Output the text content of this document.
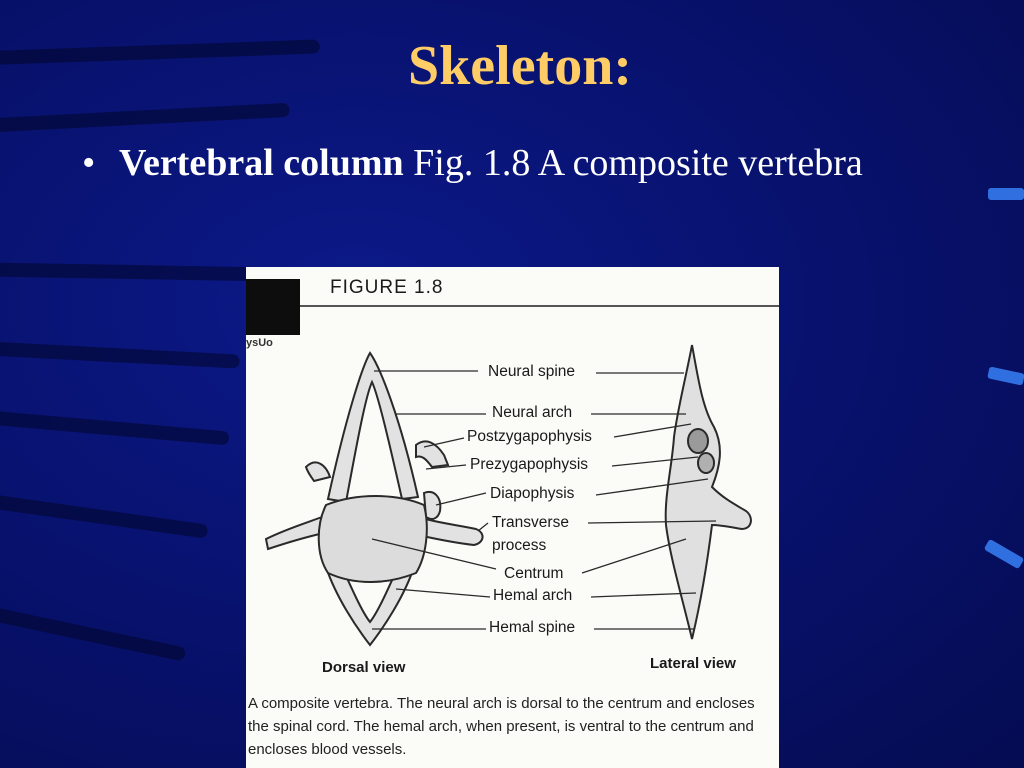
Skeleton:
• Vertebral column Fig. 1.8 A composite vertebra
FIGURE 1.8
ysUo
Neural spine
Neural arch
Postzygapophysis
Prezygapophysis
Diapophysis
Transverse
process
Centrum
Hemal arch
Hemal spine
Dorsal view	Lateral view
A composite vertebra. The neural arch is dorsal to the centrum and encloses the spinal cord. The hemal arch, when present, is ventral to the centrum and encloses blood vessels.
